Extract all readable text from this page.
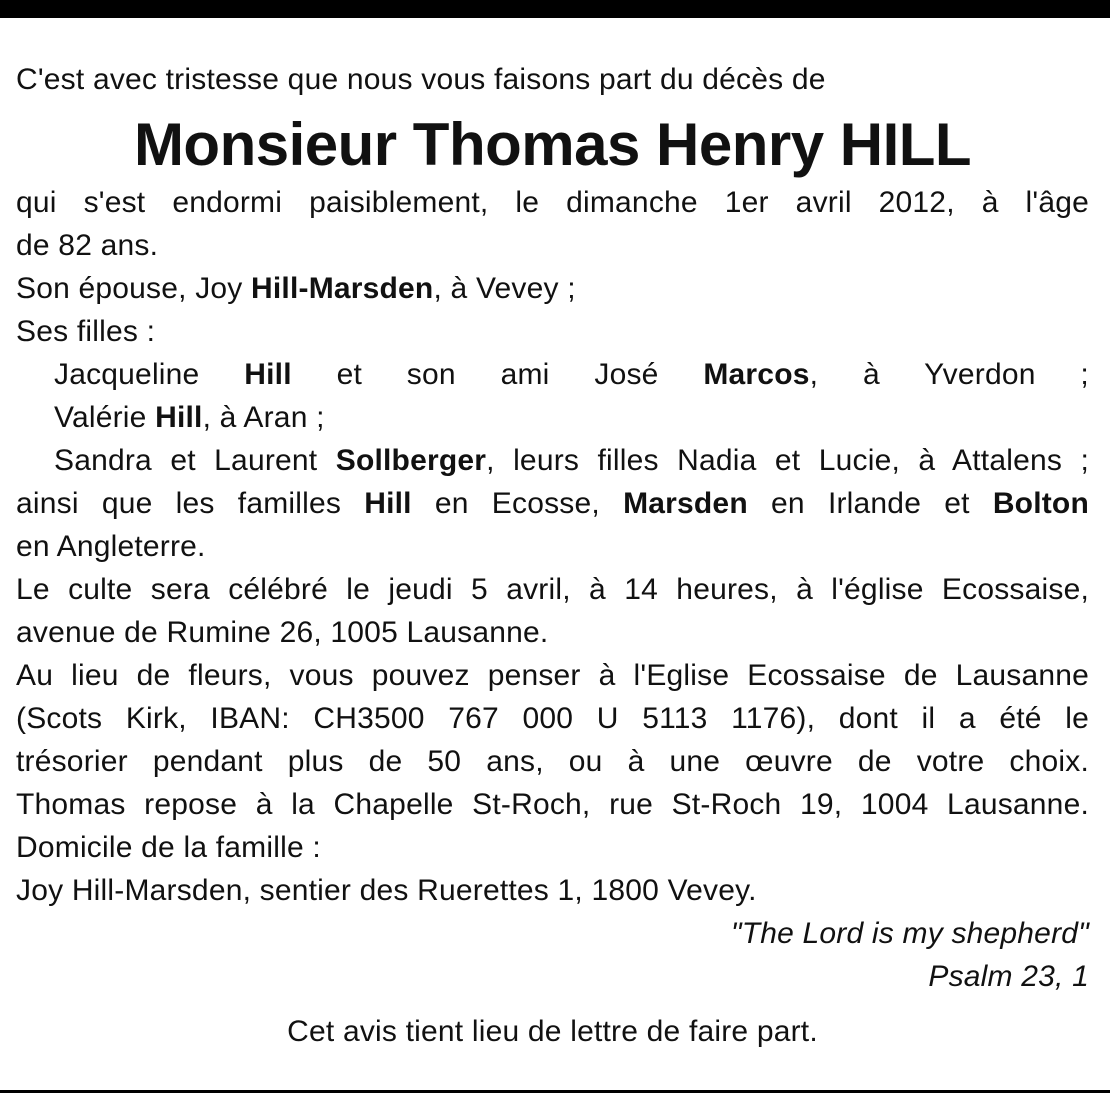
C'est avec tristesse que nous vous faisons part du décès de
Monsieur Thomas Henry HILL
qui s'est endormi paisiblement, le dimanche 1er avril 2012, à l'âge
de 82 ans.
Son épouse, Joy Hill-Marsden, à Vevey ;
Ses filles :
Jacqueline Hill et son ami José Marcos, à Yverdon ;
Valérie Hill, à Aran ;
Sandra et Laurent Sollberger, leurs filles Nadia et Lucie, à Attalens ;
ainsi que les familles Hill en Ecosse, Marsden en Irlande et Bolton
en Angleterre.
Le culte sera célébré le jeudi 5 avril, à 14 heures, à l'église Ecossaise,
avenue de Rumine 26, 1005 Lausanne.
Au lieu de fleurs, vous pouvez penser à l'Eglise Ecossaise de Lausanne
(Scots Kirk, IBAN: CH3500 767 000 U 5113 1176), dont il a été le
trésorier pendant plus de 50 ans, ou à une œuvre de votre choix.
Thomas repose à la Chapelle St-Roch, rue St-Roch 19, 1004 Lausanne.
Domicile de la famille :
Joy Hill-Marsden, sentier des Ruerettes 1, 1800 Vevey.
"The Lord is my shepherd"
Psalm 23, 1
Cet avis tient lieu de lettre de faire part.
